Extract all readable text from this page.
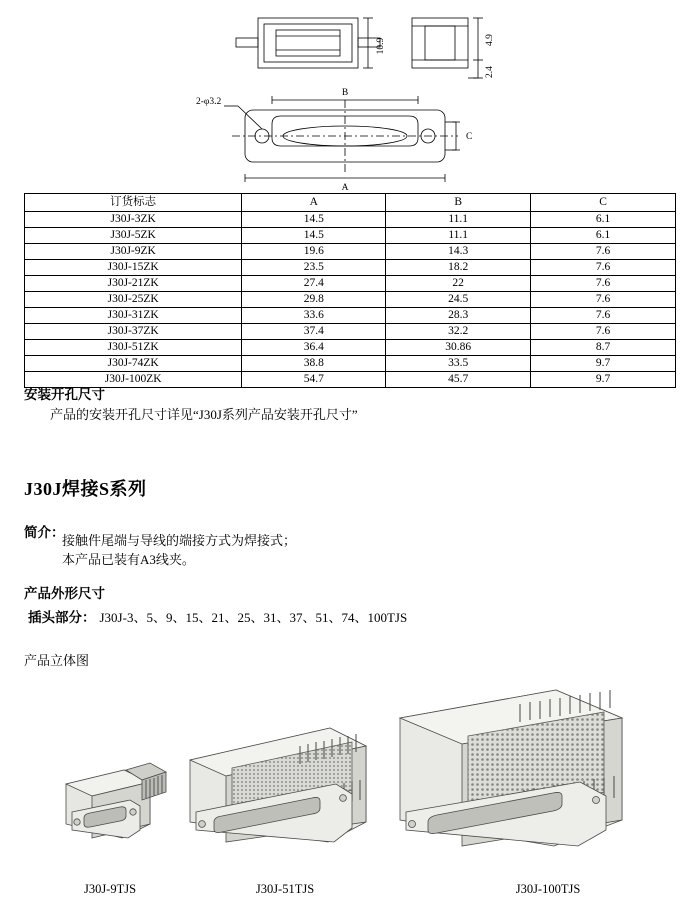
10.9	4.9
2.4
2-φ3.2
B
A
C
订货标志	A	B	C
J30J-3ZK	14.5	11.1	6.1
J30J-5ZK	14.5	11.1	6.1
J30J-9ZK	19.6	14.3	7.6
J30J-15ZK	23.5	18.2	7.6
J30J-21ZK	27.4	22	7.6
J30J-25ZK	29.8	24.5	7.6
J30J-31ZK	33.6	28.3	7.6
J30J-37ZK	37.4	32.2	7.6
J30J-51ZK	36.4	30.86	8.7
J30J-74ZK	38.8	33.5	9.7
J30J-100ZK	54.7	45.7	9.7
安装开孔尺寸
产品的安装开孔尺寸详见“J30J系列产品安装开孔尺寸”
J30J焊接S系列
简介：
接触件尾端与导线的端接方式为焊接式；
本产品已装有A3线夹。
产品外形尺寸
插头部分： J30J-3、5、9、15、21、25、31、37、51、74、100TJS
产品立体图
J30J-9TJS	J30J-51TJS	J30J-100TJS
